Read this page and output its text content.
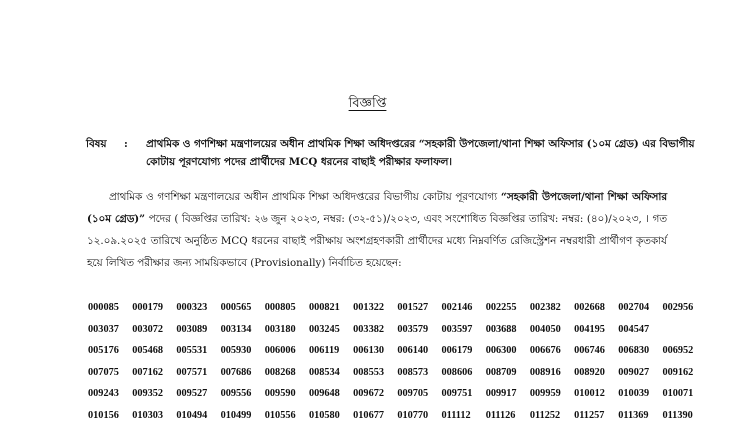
বিজ্ঞপ্তি
বিষয় : প্রাথমিক ও গণশিক্ষা মন্ত্রণালয়ের অধীন প্রাথমিক শিক্ষা অধিদপ্তরের “সহকারী উপজেলা/থানা শিক্ষা অফিসার (১০ম গ্রেড) এর বিভাগীয় কোটায় পূরণযোগ্য পদের প্রার্থীদের MCQ ধরনের বাছাই পরীক্ষার ফলাফল।
প্রাথমিক ও গণশিক্ষা মন্ত্রণালয়ের অধীন প্রাথমিক শিক্ষা অধিদপ্তরের বিভাগীয় কোটায় পূরণযোগ্য “সহকারী উপজেলা/থানা শিক্ষা অফিসার (১০ম গ্রেড)” পদের ( বিজ্ঞপ্তির তারিখ: ২৬ জুন ২০২৩, নম্বর: (৩২-৫১)/২০২৩, এবং সংশোধিত বিজ্ঞপ্তির তারিখ: নম্বর: (৪০)/২০২৩, । গত ১২.০৯.২০২৫ তারিখে অনুষ্ঠিত MCQ ধরনের বাছাই পরীক্ষায় অংশগ্রহণকারী প্রার্থীদের মধ্যে নিম্নবর্ণিত রেজিস্ট্রেশন নম্বরধারী প্রার্থীগণ কৃতকার্য হয়ে লিখিত পরীক্ষার জন্য সাময়িকভাবে (Provisionally) নির্বাচিত হয়েছেন:
000085	000179	000323	000565	000805	000821	001322	001527	002146	002255	002382	002668	002704	002956
003037	003072	003089	003134	003180	003245	003382	003579	003597	003688	004050	004195	004547
005176	005468	005531	005930	006006	006119	006130	006140	006179	006300	006676	006746	006830	006952
007075	007162	007571	007686	008268	008534	008553	008573	008606	008709	008916	008920	009027	009162
009243	009352	009527	009556	009590	009648	009672	009705	009751	009917	009959	010012	010039	010071
010156	010303	010494	010499	010556	010580	010677	010770	011112	011126	011252	011257	011369	011390
